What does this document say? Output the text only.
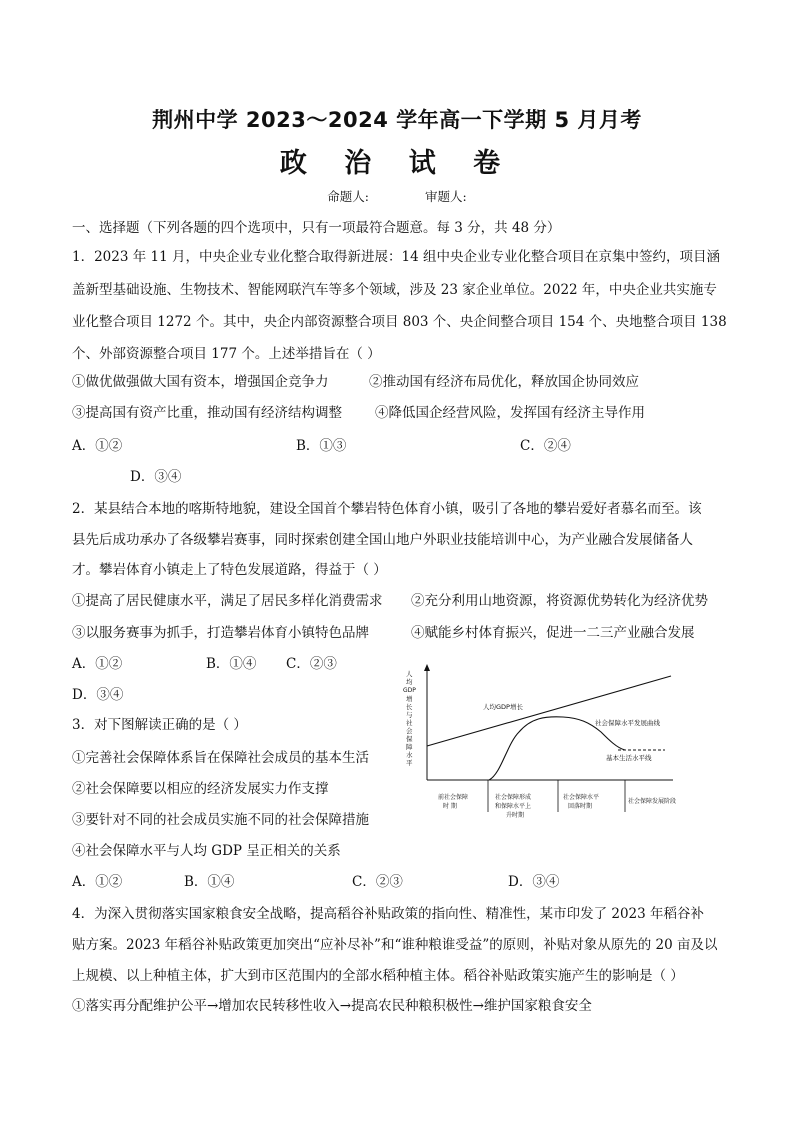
荆州中学 2023～2024 学年高一下学期 5 月月考
政 治 试 卷
命题人:	审题人:
一、选择题（下列各题的四个选项中，只有一项最符合题意。每 3 分，共 48 分）
1．2023 年 11 月，中央企业专业化整合取得新进展：14 组中央企业专业化整合项目在京集中签约，项目涵
盖新型基础设施、生物技术、智能网联汽车等多个领域，涉及 23 家企业单位。2022 年，中央企业共实施专
业化整合项目 1272 个。其中，央企内部资源整合项目 803 个、央企间整合项目 154 个、央地整合项目 138
个、外部资源整合项目 177 个。上述举措旨在（ ）
①做优做强做大国有资本，增强国企竞争力	②推动国有经济布局优化，释放国企协同效应
③提高国有资产比重，推动国有经济结构调整 ④降低国企经营风险，发挥国有经济主导作用
A．①②	B．①③	C．②④
D．③④
2．某县结合本地的喀斯特地貌，建设全国首个攀岩特色体育小镇，吸引了各地的攀岩爱好者慕名而至。该
县先后成功承办了各级攀岩赛事，同时探索创建全国山地户外职业技能培训中心，为产业融合发展储备人
才。攀岩体育小镇走上了特色发展道路，得益于（ ）
①提高了居民健康水平，满足了居民多样化消费需求 ②充分利用山地资源，将资源优势转化为经济优势
③以服务赛事为抓手，打造攀岩体育小镇特色品牌	④赋能乡村体育振兴，促进一二三产业融合发展
A．①②	B．①④ C．②③
D．③④
3．对下图解读正确的是（ ）
①完善社会保障体系旨在保障社会成员的基本生活
②社会保障要以相应的经济发展实力作支撑
③要针对不同的社会成员实施不同的社会保障措施
④社会保障水平与人均 GDP 呈正相关的关系
A．①②	B．①④	C．②③	D．③④
人
均
GDP
增
长
与
社
会
保
障
水
平
人均GDP增长
社会保障水平发展曲线
基本生活水平线
前社会保障
时 期
社会保障形成
和保障水平上
升时期
社会保障水平
回落时期
社会保障发展阶段
4．为深入贯彻落实国家粮食安全战略，提高稻谷补贴政策的指向性、精准性，某市印发了 2023 年稻谷补
贴方案。2023 年稻谷补贴政策更加突出“应补尽补”和“谁种粮谁受益”的原则，补贴对象从原先的 20 亩及以
上规模、以上种植主体，扩大到市区范围内的全部水稻种植主体。稻谷补贴政策实施产生的影响是（ ）
①落实再分配维护公平→增加农民转移性收入→提高农民种粮积极性→维护国家粮食安全
